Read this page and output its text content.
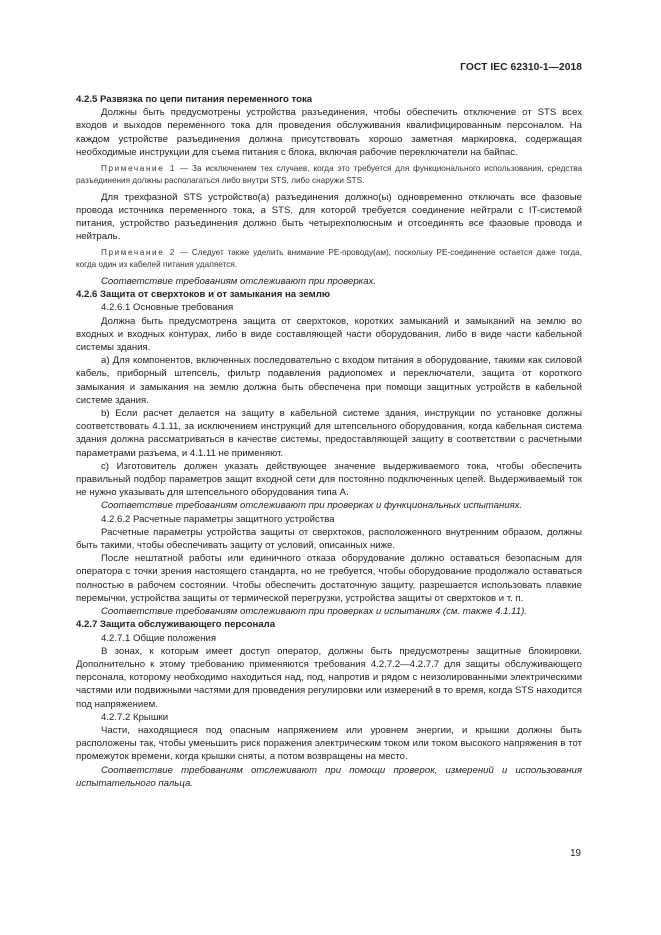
ГОСТ IEC 62310-1—2018

4.2.5 Развязка по цепи питания переменного тока

Должны быть предусмотрены устройства разъединения, чтобы обеспечить отключение от STS всех входов и выходов переменного тока для проведения обслуживания квалифицированным персоналом. На каждом устройстве разъединения должна присутствовать хорошо заметная маркировка, содержащая необходимые инструкции для съема питания с блока, включая рабочие переключатели на байпас.

Примечание 1 — За исключением тех случаев, когда это требуется для функционального использования, средства разъединения должны располагаться либо внутри STS, либо снаружи STS.

Для трехфазной STS устройство(а) разъединения должно(ы) одновременно отключать все фазовые провода источника переменного тока, а STS, для которой требуется соединение нейтрали с IT-системой питания, устройство разъединения должно быть четырехполюсным и отсоединять все фазовые провода и нейтраль.

Примечание 2 — Следует также уделить внимание PE-проводу(ам), поскольку PE-соединение остается даже тогда, когда один из кабелей питания удаляется.

Соответствие требованиям отслеживают при проверках.

4.2.6 Защита от сверхтоков и от замыкания на землю

4.2.6.1 Основные требования

Должна быть предусмотрена защита от сверхтоков, коротких замыканий и замыканий на землю во входных и входных контурах, либо в виде составляющей части оборудования, либо в виде части кабельной системы здания.

a) Для компонентов, включенных последовательно с входом питания в оборудование, такими как силовой кабель, приборный штепсель, фильтр подавления радиопомех и переключатели, защита от короткого замыкания и замыкания на землю должна быть обеспечена при помощи защитных устройств в кабельной системе здания.

b) Если расчет делается на защиту в кабельной системе здания, инструкции по установке должны соответствовать 4.1.11, за исключением инструкций для штепсельного оборудования, когда кабельная система здания должна рассматриваться в качестве системы, предоставляющей защиту в соответствии с расчетными параметрами разъема, и 4.1.11 не применяют.

c) Изготовитель должен указать действующее значение выдерживаемого тока, чтобы обеспечить правильный подбор параметров защит входной сети для постоянно подключенных цепей. Выдерживаемый ток не нужно указывать для штепсельного оборудования типа А.

Соответствие требованиям отслеживают при проверках и функциональных испытаниях.

4.2.6.2 Расчетные параметры защитного устройства

Расчетные параметры устройства защиты от сверхтоков, расположенного внутренним образом, должны быть такими, чтобы обеспечивать защиту от условий, описанных ниже.

После нештатной работы или единичного отказа оборудование должно оставаться безопасным для оператора с точки зрения настоящего стандарта, но не требуется, чтобы оборудование продолжало оставаться полностью в рабочем состоянии. Чтобы обеспечить достаточную защиту, разрешается использовать плавкие перемычки, устройства защиты от термической перегрузки, устройства защиты от сверхтоков и т. п.

Соответствие требованиям отслеживают при проверках и испытаниях (см. также 4.1.11).

4.2.7 Защита обслуживающего персонала

4.2.7.1 Общие положения

В зонах, к которым имеет доступ оператор, должны быть предусмотрены защитные блокировки. Дополнительно к этому требованию применяются требования 4.2.7.2—4.2.7.7 для защиты обслуживающего персонала, которому необходимо находиться над, под, напротив и рядом с неизолированными электрическими частями или подвижными частями для проведения регулировки или измерений в то время, когда STS находится под напряжением.

4.2.7.2 Крышки

Части, находящиеся под опасным напряжением или уровнем энергии, и крышки должны быть расположены так, чтобы уменьшить риск поражения электрическим током или током высокого напряжения в тот промежуток времени, когда крышки сняты, а потом возвращены на место.

Соответствие требованиям отслеживают при помощи проверок, измерений и использования испытательного пальца.

19
